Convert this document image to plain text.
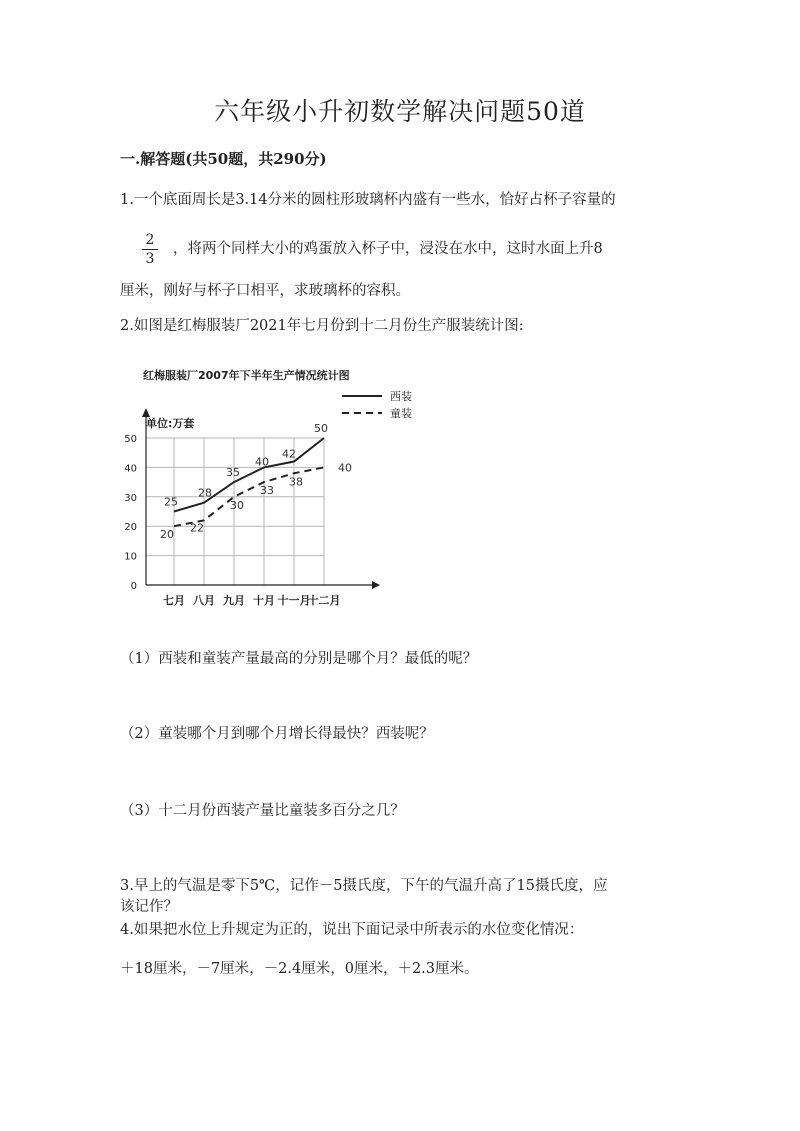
六年级小升初数学解决问题50道
一.解答题(共50题，共290分)
1.一个底面周长是3.14分米的圆柱形玻璃杯内盛有一些水，恰好占杯子容量的
2
3
，将两个同样大小的鸡蛋放入杯子中，浸没在水中，这时水面上升8
厘米，刚好与杯子口相平，求玻璃杯的容积。
2.如图是红梅服装厂2021年七月份到十二月份生产服装统计图:
0
10
20
30
40
50
七月 八月 九月 十月 十一月
十二月
25
28
35
40
42
50
20
22
30
33
38
40
红梅服装厂2007年下半年生产情况统计图
单位:万套
西装
童装
（1）西装和童装产量最高的分别是哪个月？最低的呢？
（2）童装哪个月到哪个月增长得最快？西装呢？
（3）十二月份西装产量比童装多百分之几？
3.早上的气温是零下5℃，记作－5摄氏度，下午的气温升高了15摄氏度，应
该记作？
4.如果把水位上升规定为正的，说出下面记录中所表示的水位变化情况：
＋18厘米，－7厘米，－2.4厘米，0厘米，＋2.3厘米。
